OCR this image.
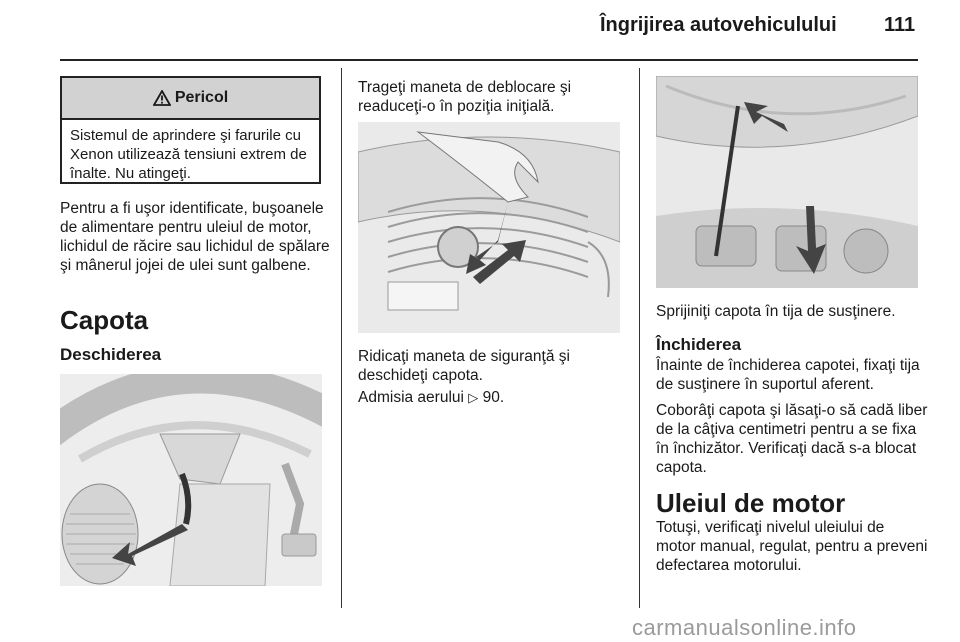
Îngrijirea autovehiculului 111
Pericol
Sistemul de aprindere şi farurile cu Xenon utilizează tensiuni extrem de înalte. Nu atingeţi.
Pentru a fi uşor identificate, buşoanele de alimentare pentru uleiul de motor, lichidul de răcire sau lichidul de spălare şi mânerul jojei de ulei sunt galbene.
Capota
Deschiderea
Trageţi maneta de deblocare şi readuceţi-o în poziţia iniţială.
Ridicaţi maneta de siguranţă şi deschideţi capota.
Admisia aerului ▷ 90.
Sprijiniţi capota în tija de susţinere.
Închiderea
Înainte de închiderea capotei, fixaţi tija de susţinere în suportul aferent.
Coborâţi capota şi lăsaţi-o să cadă liber de la câţiva centimetri pentru a se fixa în închizător. Verificaţi dacă s-a blocat capota.
Uleiul de motor
Totuşi, verificaţi nivelul uleiului de motor manual, regulat, pentru a preveni defectarea motorului.
carmanualsonline.info
